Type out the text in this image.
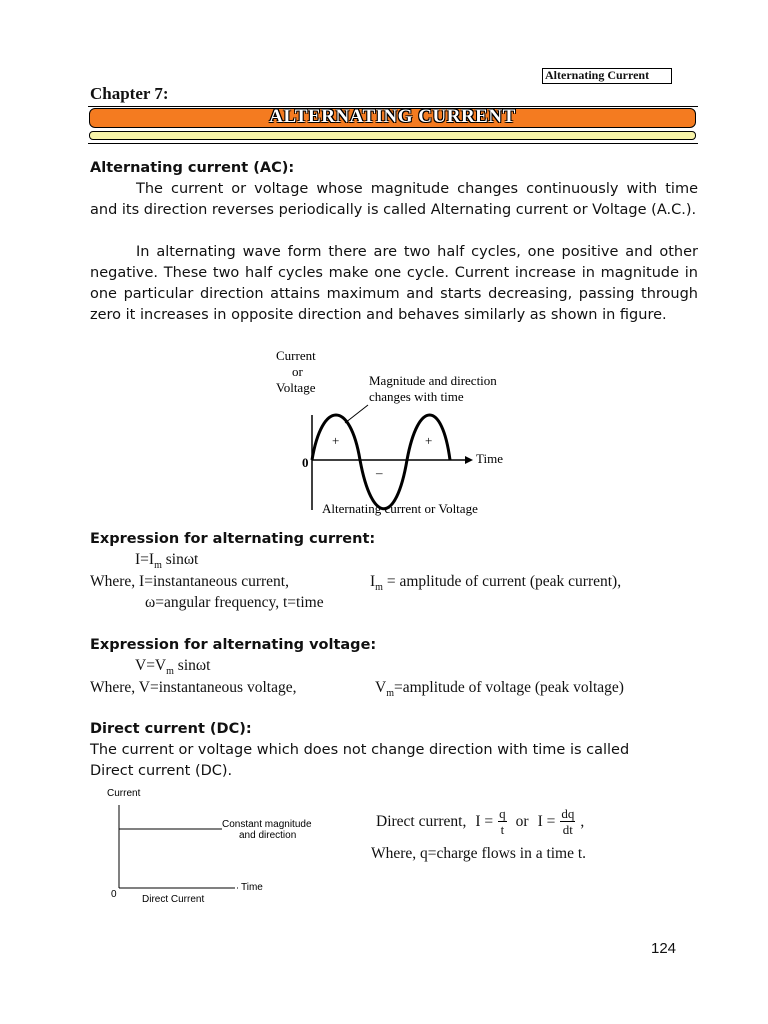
Alternating Current
Chapter 7:
ALTERNATING CURRENT
Alternating current (AC):
The current or voltage whose magnitude changes continuously with time and its direction reverses periodically is called Alternating current or Voltage (A.C.).
In alternating wave form there are two half cycles, one positive and other negative. These two half cycles make one cycle. Current increase in magnitude in one particular direction attains maximum and starts decreasing, passing through zero it increases in opposite direction and behaves similarly as shown in figure.
Current
or
Voltage	Magnitude and direction
changes with time
+
–
+
0	Time
Alternating current or Voltage
Expression for alternating current:
$I=I_m$ sinωt
Where, I=instantaneous current,	$I_m$ = amplitude of current (peak current),
ω=angular frequency, t=time
Expression for alternating voltage:
$V=V_m$ sinωt
Where, V=instantaneous voltage,	$V_m=amplitude$ of voltage (peak voltage)
Direct current (DC):
The current or voltage which does not change direction with time is called Direct current (DC).
Current
Constant magnitude
and direction
Time
0	Direct Current
Direct current, $I = \frac{q}{t}$ or $I = \frac{dq}{dt}$ ,
Where, q=charge flows in a time t.
124
